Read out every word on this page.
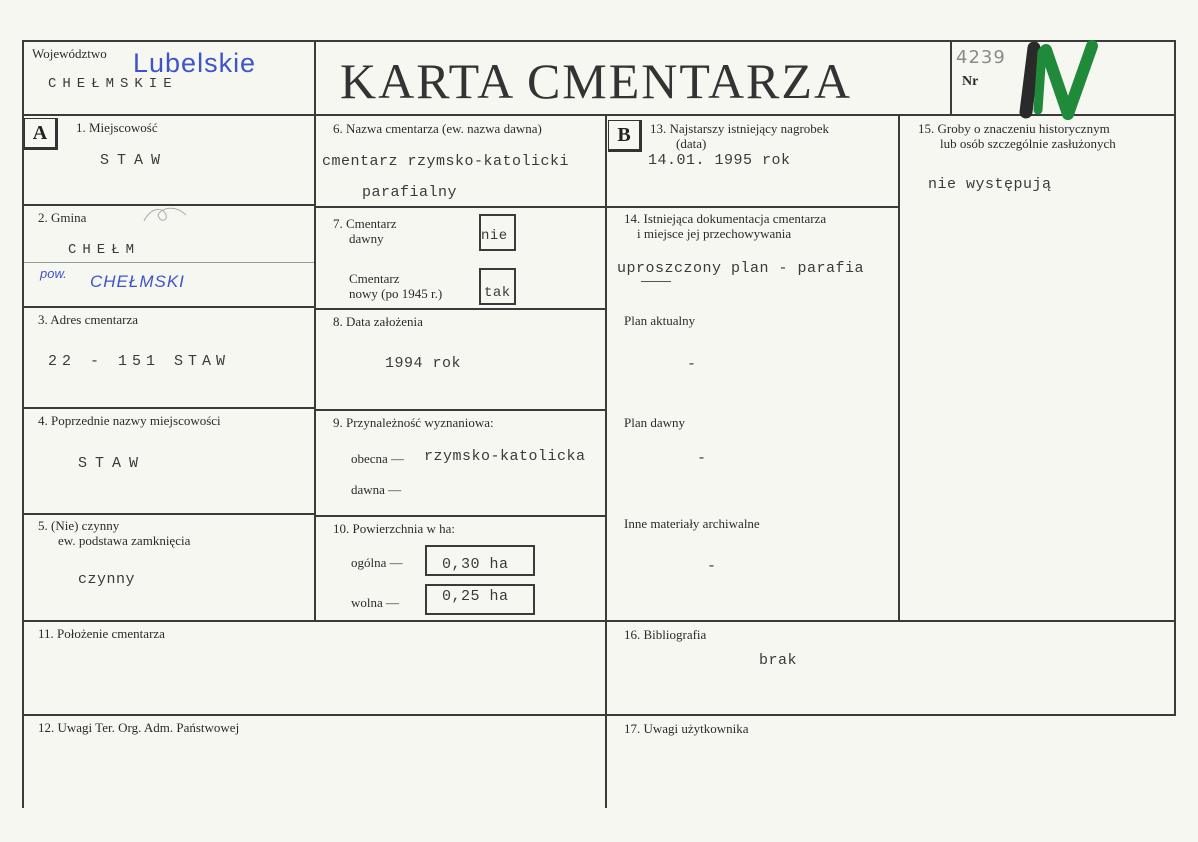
Województwo Lubelskie
CHEŁMSKIE	KARTA CMENTARZA	4239
Nr
A	1. Miejscowość
STAW
2. Gmina
CHEŁM
pow. CHEŁMSKI
3. Adres cmentarza
22 - 151 STAW
4. Poprzednie nazwy miejscowości
STAW
5. (Nie) czynny
ew. podstawa zamknięcia
czynny
6. Nazwa cmentarza (ew. nazwa dawna)
cmentarz rzymsko-katolicki
parafialny
7. Cmentarz
dawny	nie
Cmentarz
nowy (po 1945 r.)	tak
8. Data założenia
1994 rok
9. Przynależność wyznaniowa:
obecna — rzymsko-katolicka
dawna —
10. Powierzchnia w ha:
ogólna —	0,30 ha
wolna —	0,25 ha
B	13. Najstarszy istniejący nagrobek
(data)
14.01. 1995 rok
14. Istniejąca dokumentacja cmentarza
i miejsce jej przechowywania
uproszczony plan - parafia
Plan aktualny
-
Plan dawny
-
Inne materiały archiwalne
-
15. Groby o znaczeniu historycznym
lub osób szczególnie zasłużonych
nie występują
11. Położenie cmentarza	16. Bibliografia
brak
12. Uwagi Ter. Org. Adm. Państwowej	17. Uwagi użytkownika
